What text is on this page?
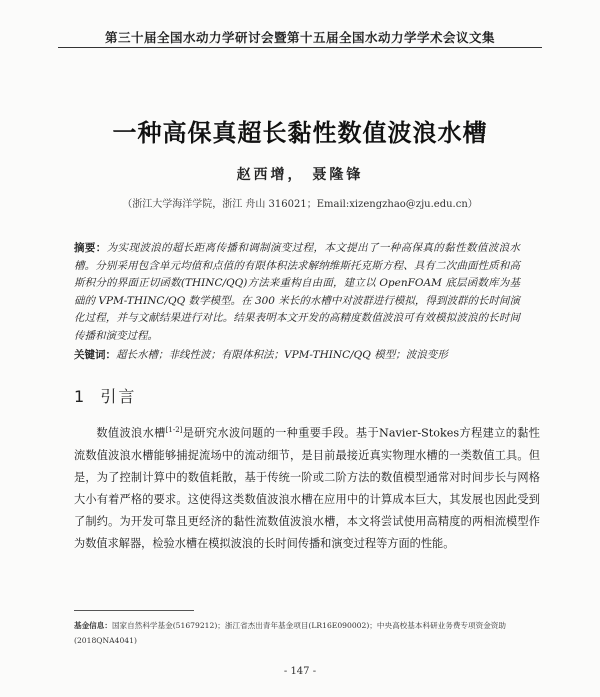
第三十届全国水动力学研讨会暨第十五届全国水动力学学术会议文集
一种高保真超长黏性数值波浪水槽
赵西增， 聂隆锋
（浙江大学海洋学院，浙江 舟山 316021；Email:xizengzhao@zju.edu.cn）
摘要：为实现波浪的超长距离传播和调制演变过程，本文提出了一种高保真的黏性数值波浪水槽。分别采用包含单元均值和点值的有限体积法求解纳维斯托克斯方程、具有二次曲面性质和高斯积分的界面正切函数(THINC/QQ)方法来重构自由面，建立以 OpenFOAM 底层函数库为基础的 VPM-THINC/QQ 数学模型。在 300 米长的水槽中对波群进行模拟，得到波群的长时间演化过程，并与文献结果进行对比。结果表明本文开发的高精度数值波浪可有效模拟波浪的长时间传播和演变过程。
关键词：超长水槽；非线性波；有限体积法；VPM-THINC/QQ 模型；波浪变形
1 引言
数值波浪水槽[1-2]是研究水波问题的一种重要手段。基于Navier-Stokes方程建立的黏性流数值波浪水槽能够捕捉流场中的流动细节，是目前最接近真实物理水槽的一类数值工具。但是，为了控制计算中的数值耗散，基于传统一阶或二阶方法的数值模型通常对时间步长与网格大小有着严格的要求。这使得这类数值波浪水槽在应用中的计算成本巨大，其发展也因此受到了制约。为开发可靠且更经济的黏性流数值波浪水槽，本文将尝试使用高精度的两相流模型作为数值求解器，检验水槽在模拟波浪的长时间传播和演变过程等方面的性能。
基金信息：国家自然科学基金(51679212)；浙江省杰出青年基金项目(LR16E090002)；中央高校基本科研业务费专项资金资助(2018QNA4041)
- 147 -
